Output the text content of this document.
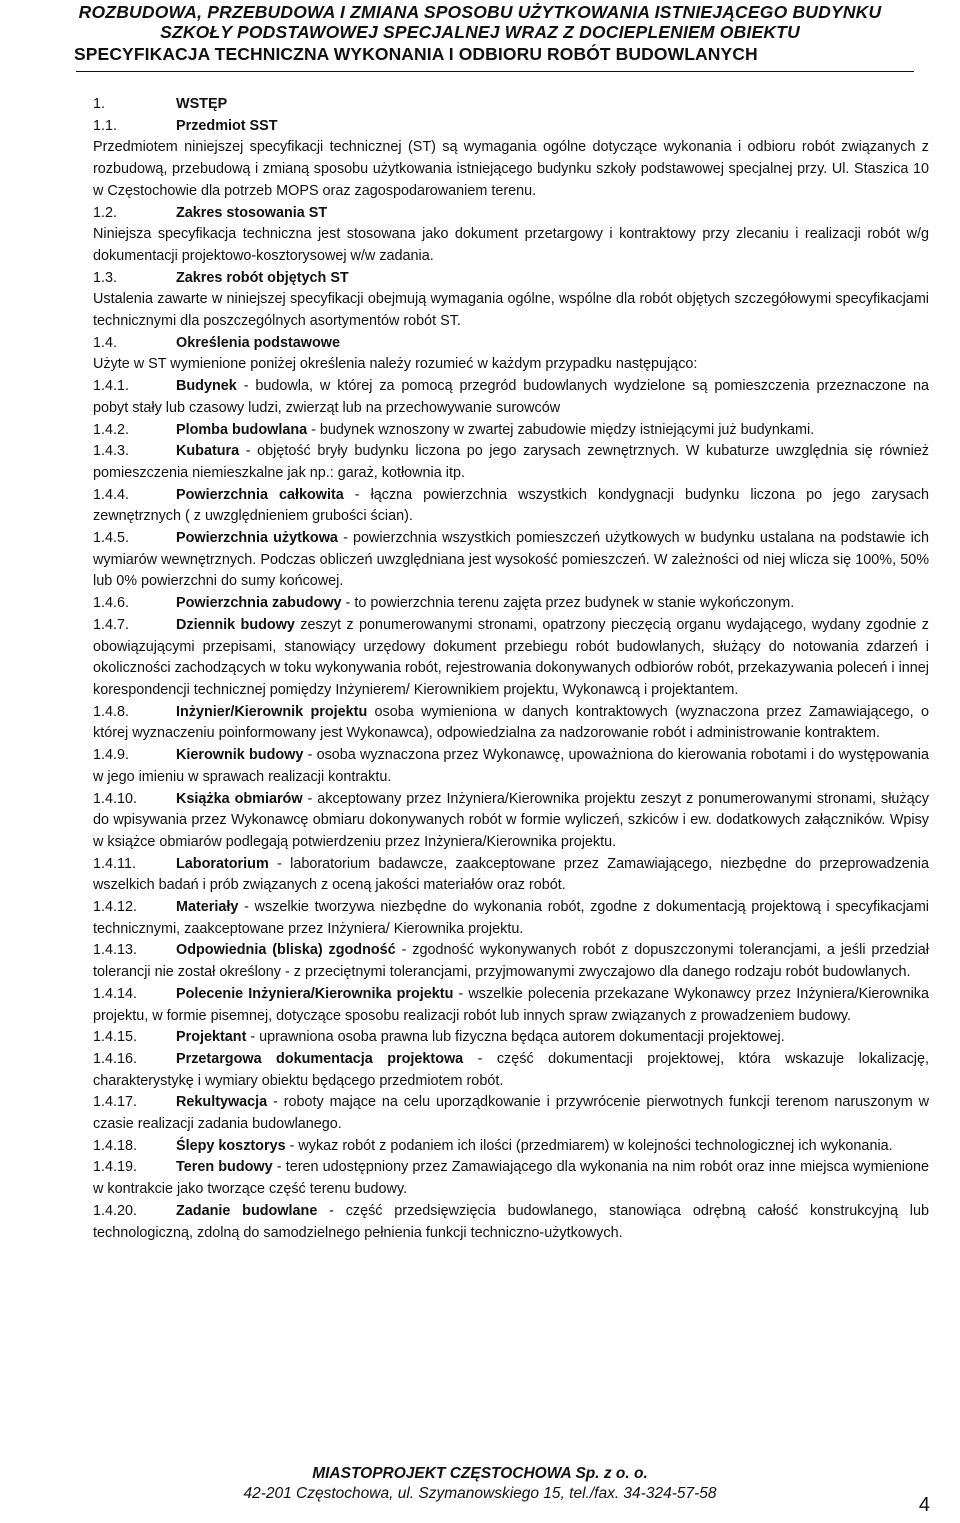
ROZBUDOWA, PRZEBUDOWA I ZMIANA SPOSOBU UŻYTKOWANIA ISTNIEJĄCEGO BUDYNKU
SZKOŁY PODSTAWOWEJ SPECJALNEJ WRAZ Z DOCIEPLENIEM OBIEKTU
SPECYFIKACJA TECHNICZNA WYKONANIA I ODBIORU ROBÓT BUDOWLANYCH
1.	WSTĘP
1.1.	Przedmiot SST
Przedmiotem niniejszej specyfikacji technicznej (ST) są wymagania ogólne dotyczące wykonania i odbioru robót związanych z rozbudową, przebudową i zmianą sposobu użytkowania istniejącego budynku szkoły podstawowej specjalnej przy. Ul. Staszica 10 w Częstochowie dla potrzeb MOPS oraz zagospodarowaniem terenu.
1.2.	Zakres stosowania ST
Niniejsza specyfikacja techniczna jest stosowana jako dokument przetargowy i kontraktowy przy zlecaniu i realizacji robót w/g dokumentacji projektowo-kosztorysowej w/w zadania.
1.3.	Zakres robót objętych ST
Ustalenia zawarte w niniejszej specyfikacji obejmują wymagania ogólne, wspólne dla robót objętych szczegółowymi specyfikacjami technicznymi dla poszczególnych asortymentów robót ST.
1.4.	Określenia podstawowe
Użyte w ST wymienione poniżej określenia należy rozumieć w każdym przypadku następująco:
1.4.1.	Budynek - budowla, w której za pomocą przegród budowlanych wydzielone są pomieszczenia przeznaczone na pobyt stały lub czasowy ludzi, zwierząt lub na przechowywanie surowców
1.4.2.	Plomba budowlana - budynek wznoszony w zwartej zabudowie między istniejącymi już budynkami.
1.4.3.	Kubatura - objętość bryły budynku liczona po jego zarysach zewnętrznych. W kubaturze uwzględnia się również pomieszczenia niemieszkalne jak np.: garaż, kotłownia itp.
1.4.4.	Powierzchnia całkowita - łączna powierzchnia wszystkich kondygnacji budynku liczona po jego zarysach zewnętrznych ( z uwzględnieniem grubości ścian).
1.4.5.	Powierzchnia użytkowa - powierzchnia wszystkich pomieszczeń użytkowych w budynku ustalana na podstawie ich wymiarów wewnętrznych. Podczas obliczeń uwzględniana jest wysokość pomieszczeń. W zależności od niej wlicza się 100%, 50% lub 0% powierzchni do sumy końcowej.
1.4.6.	Powierzchnia zabudowy - to powierzchnia terenu zajęta przez budynek w stanie wykończonym.
1.4.7.	Dziennik budowy zeszyt z ponumerowanymi stronami, opatrzony pieczęcią organu wydającego, wydany zgodnie z obowiązującymi przepisami, stanowiący urzędowy dokument przebiegu robót budowlanych, służący do notowania zdarzeń i okoliczności zachodzących w toku wykonywania robót, rejestrowania dokonywanych odbiorów robót, przekazywania poleceń i innej korespondencji technicznej pomiędzy Inżynierem/ Kierownikiem projektu, Wykonawcą i projektantem.
1.4.8.	Inżynier/Kierownik projektu osoba wymieniona w danych kontraktowych (wyznaczona przez Zamawiającego, o której wyznaczeniu poinformowany jest Wykonawca), odpowiedzialna za nadzorowanie robót i administrowanie kontraktem.
1.4.9.	Kierownik budowy - osoba wyznaczona przez Wykonawcę, upoważniona do kierowania robotami i do występowania w jego imieniu w sprawach realizacji kontraktu.
1.4.10.	Książka obmiarów - akceptowany przez Inżyniera/Kierownika projektu zeszyt z ponumerowanymi stronami, służący do wpisywania przez Wykonawcę obmiaru dokonywanych robót w formie wyliczeń, szkiców i ew. dodatkowych załączników. Wpisy w książce obmiarów podlegają potwierdzeniu przez Inżyniera/Kierownika projektu.
1.4.11.	Laboratorium - laboratorium badawcze, zaakceptowane przez Zamawiającego, niezbędne do przeprowadzenia wszelkich badań i prób związanych z oceną jakości materiałów oraz robót.
1.4.12.	Materiały - wszelkie tworzywa niezbędne do wykonania robót, zgodne z dokumentacją projektową i specyfikacjami technicznymi, zaakceptowane przez Inżyniera/ Kierownika projektu.
1.4.13.	Odpowiednia (bliska) zgodność - zgodność wykonywanych robót z dopuszczonymi tolerancjami, a jeśli przedział tolerancji nie został określony - z przeciętnymi tolerancjami, przyjmowanymi zwyczajowo dla danego rodzaju robót budowlanych.
1.4.14.	Polecenie Inżyniera/Kierownika projektu - wszelkie polecenia przekazane Wykonawcy przez Inżyniera/Kierownika projektu, w formie pisemnej, dotyczące sposobu realizacji robót lub innych spraw związanych z prowadzeniem budowy.
1.4.15.	Projektant - uprawniona osoba prawna lub fizyczna będąca autorem dokumentacji projektowej.
1.4.16.	Przetargowa dokumentacja projektowa - część dokumentacji projektowej, która wskazuje lokalizację, charakterystykę i wymiary obiektu będącego przedmiotem robót.
1.4.17.	Rekultywacja - roboty mające na celu uporządkowanie i przywrócenie pierwotnych funkcji terenom naruszonym w czasie realizacji zadania budowlanego.
1.4.18.	Ślepy kosztorys - wykaz robót z podaniem ich ilości (przedmiarem) w kolejności technologicznej ich wykonania.
1.4.19.	Teren budowy - teren udostępniony przez Zamawiającego dla wykonania na nim robót oraz inne miejsca wymienione w kontrakcie jako tworzące część terenu budowy.
1.4.20.	Zadanie budowlane - część przedsięwzięcia budowlanego, stanowiąca odrębną całość konstrukcyjną lub technologiczną, zdolną do samodzielnego pełnienia funkcji techniczno-użytkowych.
MIASTOPROJEKT CZĘSTOCHOWA Sp. z o. o.
42-201 Częstochowa, ul. Szymanowskiego 15, tel./fax. 34-324-57-58
4
